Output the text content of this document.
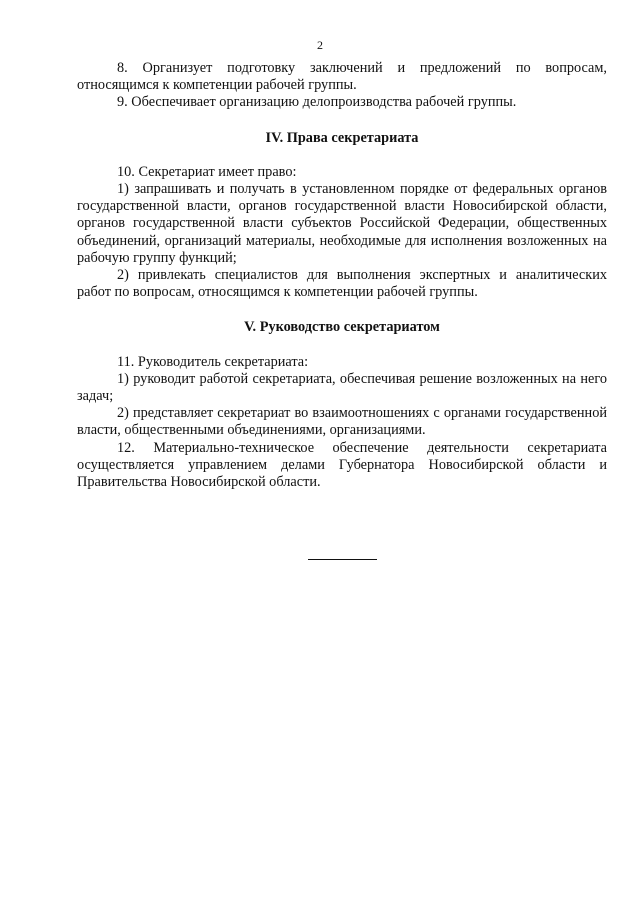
2

8. Организует подготовку заключений и предложений по вопросам, относящимся к компетенции рабочей группы.

9. Обеспечивает организацию делопроизводства рабочей группы.

IV. Права секретариата

10. Секретариат имеет право:

1) запрашивать и получать в установленном порядке от федеральных органов государственной власти, органов государственной власти Новосибирской области, органов государственной власти субъектов Российской Федерации, общественных объединений, организаций материалы, необходимые для исполнения возложенных на рабочую группу функций;

2) привлекать специалистов для выполнения экспертных и аналитических работ по вопросам, относящимся к компетенции рабочей группы.

V. Руководство секретариатом

11. Руководитель секретариата:

1) руководит работой секретариата, обеспечивая решение возложенных на него задач;

2) представляет секретариат во взаимоотношениях с органами государственной власти, общественными объединениями, организациями.

12. Материально-техническое обеспечение деятельности секретариата осуществляется управлением делами Губернатора Новосибирской области и Правительства Новосибирской области.
